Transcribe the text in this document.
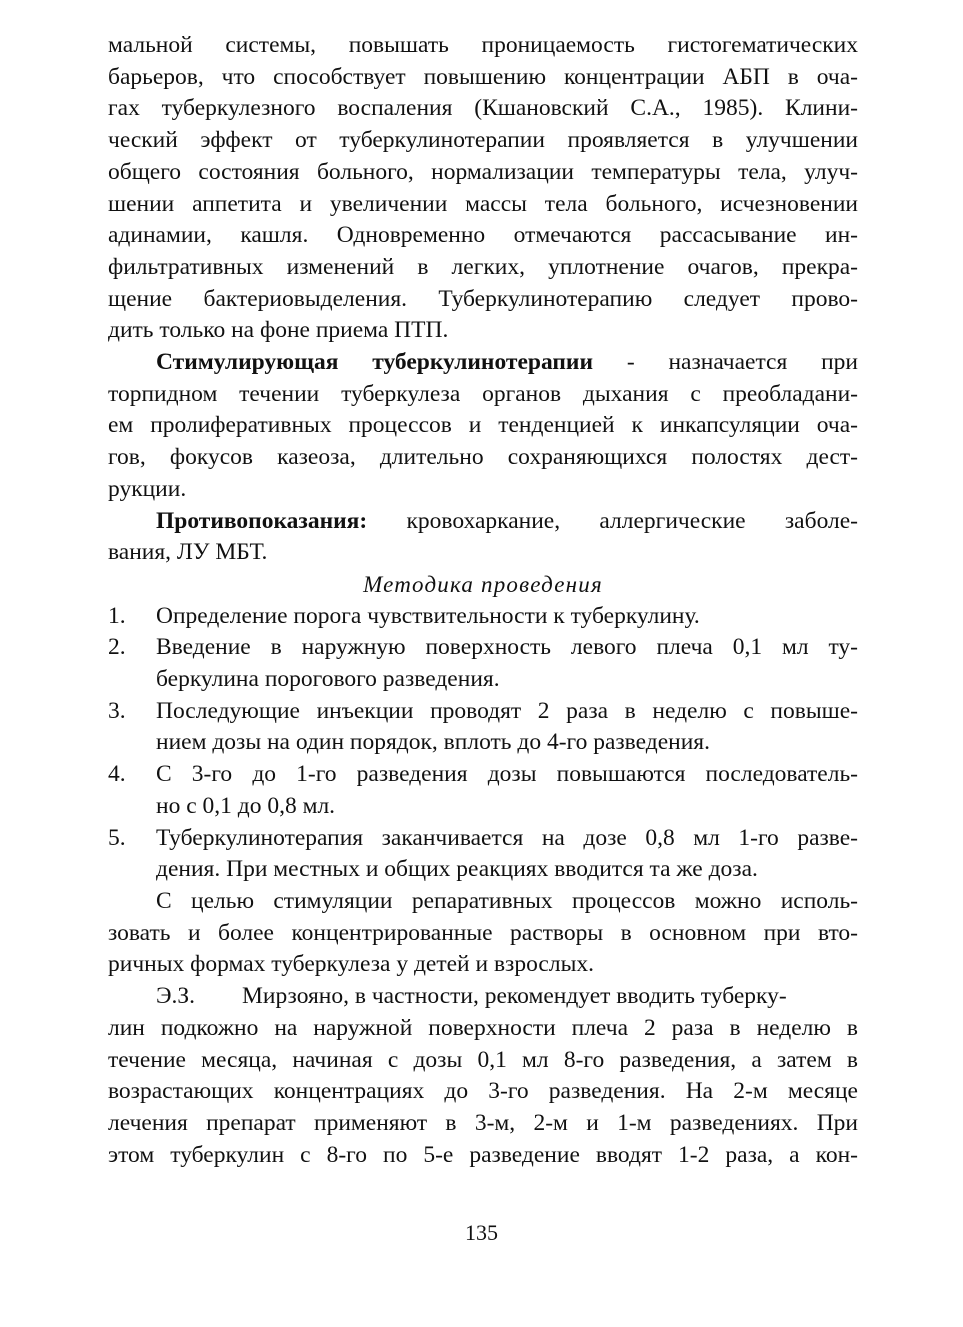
мальной системы, повышать проницаемость гистогематических
барьеров, что способствует повышению концентрации АБП в оча-
гах туберкулезного воспаления (Кшановский С.А., 1985). Клини-
ческий эффект от туберкулинотерапии проявляется в улучшении
общего состояния больного, нормализации температуры тела, улуч-
шении аппетита и увеличении массы тела больного, исчезновении
адинамии, кашля. Одновременно отмечаются рассасывание ин-
фильтративных изменений в легких, уплотнение очагов, прекра-
щение бактериовыделения. Туберкулинотерапию следует прово-
дить только на фоне приема ПТП.
Стимулирующая туберкулинотерапии - назначается при
торпидном течении туберкулеза органов дыхания с преобладани-
ем пролиферативных процессов и тенденцией к инкапсуляции оча-
гов, фокусов казеоза, длительно сохраняющихся полостях дест-
рукции.
Противопоказания: кровохаркание, аллергические заболе-
вания, ЛУ МБТ.
Методика проведения
1. Определение порога чувствительности к туберкулину.
2. Введение в наружную поверхность левого плеча 0,1 мл ту-
беркулина порогового разведения.
3. Последующие инъекции проводят 2 раза в неделю с повыше-
нием дозы на один порядок, вплоть до 4-го разведения.
4. С 3-го до 1-го разведения дозы повышаются последователь-
но с 0,1 до 0,8 мл.
5. Туберкулинотерапия заканчивается на дозе 0,8 мл 1-го разве-
дения. При местных и общих реакциях вводится та же доза.
С целью стимуляции репаративных процессов можно исполь-
зовать и более концентрированные растворы в основном при вто-
ричных формах туберкулеза у детей и взрослых.
Э.З.        Мирзояно, в частности, рекомендует вводить туберку-
лин подкожно на наружной поверхности плеча 2 раза в неделю в
течение месяца, начиная с дозы 0,1 мл 8-го разведения, а затем в
возрастающих концентрациях до 3-го разведения. На 2-м месяце
лечения препарат применяют в 3-м, 2-м и 1-м разведениях. При
этом туберкулин с 8-го по 5-е разведение вводят 1-2 раза, а кон-
135
